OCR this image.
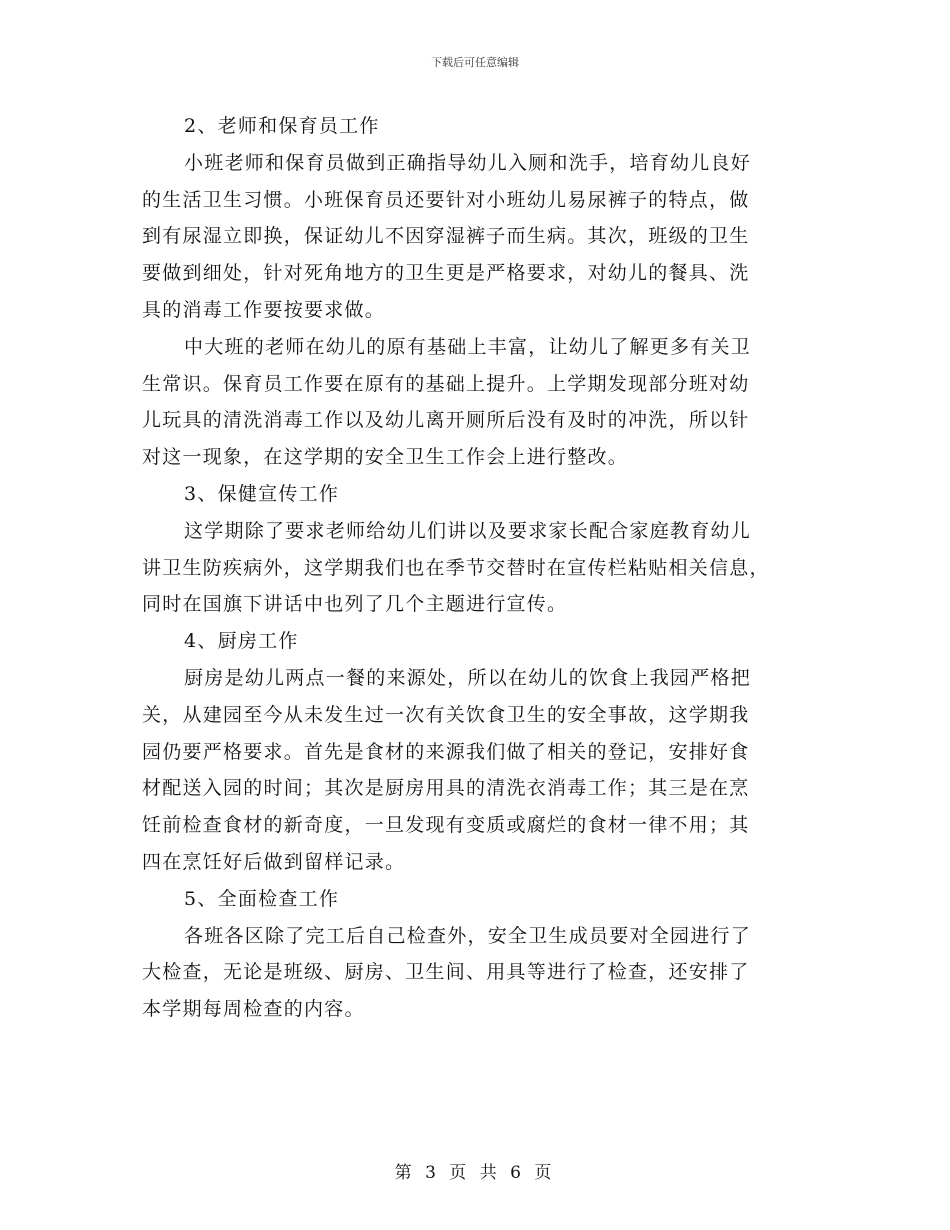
下载后可任意编辑
2、老师和保育员工作
小班老师和保育员做到正确指导幼儿入厕和洗手，培育幼儿良好
的生活卫生习惯。小班保育员还要针对小班幼儿易尿裤子的特点，做
到有尿湿立即换，保证幼儿不因穿湿裤子而生病。其次，班级的卫生
要做到细处，针对死角地方的卫生更是严格要求，对幼儿的餐具、洗
具的消毒工作要按要求做。
中大班的老师在幼儿的原有基础上丰富，让幼儿了解更多有关卫
生常识。保育员工作要在原有的基础上提升。上学期发现部分班对幼
儿玩具的清洗消毒工作以及幼儿离开厕所后没有及时的冲洗，所以针
对这一现象，在这学期的安全卫生工作会上进行整改。
3、保健宣传工作
这学期除了要求老师给幼儿们讲以及要求家长配合家庭教育幼儿
讲卫生防疾病外，这学期我们也在季节交替时在宣传栏粘贴相关信息，
同时在国旗下讲话中也列了几个主题进行宣传。
4、厨房工作
厨房是幼儿两点一餐的来源处，所以在幼儿的饮食上我园严格把
关，从建园至今从未发生过一次有关饮食卫生的安全事故，这学期我
园仍要严格要求。首先是食材的来源我们做了相关的登记，安排好食
材配送入园的时间；其次是厨房用具的清洗衣消毒工作；其三是在烹
饪前检查食材的新奇度，一旦发现有变质或腐烂的食材一律不用；其
四在烹饪好后做到留样记录。
5、全面检查工作
各班各区除了完工后自己检查外，安全卫生成员要对全园进行了
大检查，无论是班级、厨房、卫生间、用具等进行了检查，还安排了
本学期每周检查的内容。
第 3 页 共 6 页
